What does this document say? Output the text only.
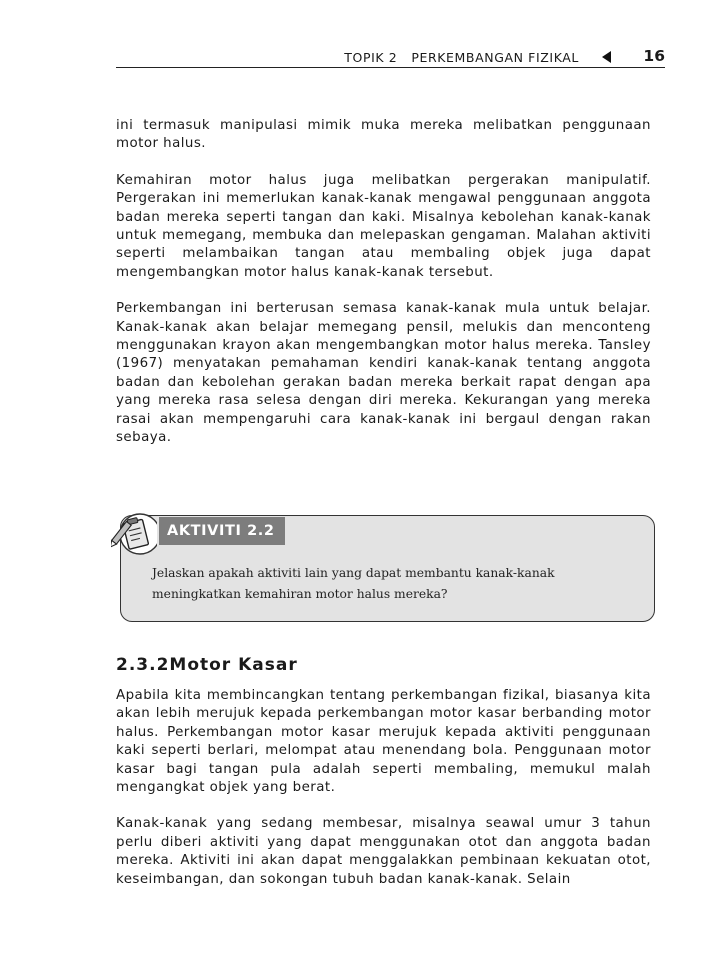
TOPIK 2 PERKEMBANGAN FIZIKAL	16

ini termasuk manipulasi mimik muka mereka melibatkan penggunaan motor halus.

Kemahiran motor halus juga melibatkan pergerakan manipulatif. Pergerakan ini memerlukan kanak-kanak mengawal penggunaan anggota badan mereka seperti tangan dan kaki. Misalnya kebolehan kanak-kanak untuk memegang, membuka dan melepaskan gengaman. Malahan aktiviti seperti melambaikan tangan atau membaling objek juga dapat mengembangkan motor halus kanak-kanak tersebut.

Perkembangan ini berterusan semasa kanak-kanak mula untuk belajar. Kanak-kanak akan belajar memegang pensil, melukis dan menconteng menggunakan krayon akan mengembangkan motor halus mereka. Tansley (1967) menyatakan pemahaman kendiri kanak-kanak tentang anggota badan dan kebolehan gerakan badan mereka berkait rapat dengan apa yang mereka rasa selesa dengan diri mereka. Kekurangan yang mereka rasai akan mempengaruhi cara kanak-kanak ini bergaul dengan rakan sebaya.

AKTIVITI 2.2
Jelaskan apakah aktiviti lain yang dapat membantu kanak-kanak
meningkatkan kemahiran motor halus mereka?
2.3.2Motor Kasar

Apabila kita membincangkan tentang perkembangan fizikal, biasanya kita akan lebih merujuk kepada perkembangan motor kasar berbanding motor halus. Perkembangan motor kasar merujuk kepada aktiviti penggunaan kaki seperti berlari, melompat atau menendang bola. Penggunaan motor kasar bagi tangan pula adalah seperti membaling, memukul malah mengangkat objek yang berat.

Kanak-kanak yang sedang membesar, misalnya seawal umur 3 tahun perlu diberi aktiviti yang dapat menggunakan otot dan anggota badan mereka. Aktiviti ini akan dapat menggalakkan pembinaan kekuatan otot, keseimbangan, dan sokongan tubuh badan kanak-kanak. Selain
